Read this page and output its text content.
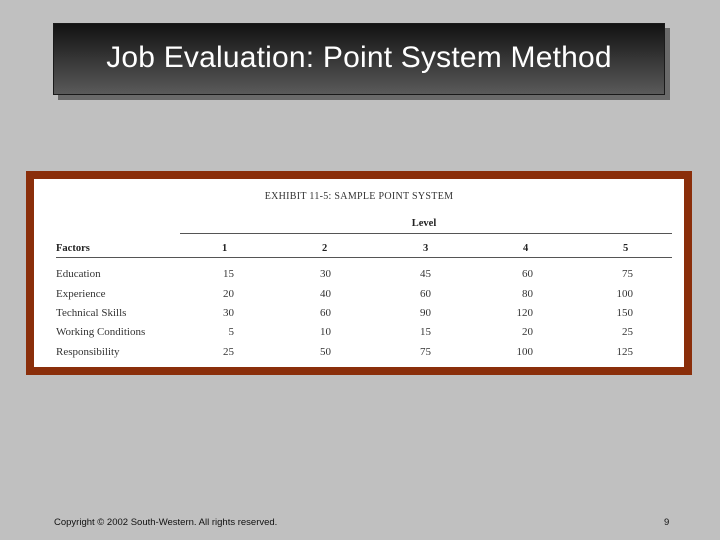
Job Evaluation: Point System Method
EXHIBIT 11-5: SAMPLE POINT SYSTEM
Level
Factors	1	2	3	4	5
Education	15	30	45	60	75
Experience	20	40	60	80	100
Technical Skills	30	60	90	120	150
Working Conditions	5	10	15	20	25
Responsibility	25	50	75	100	125
Copyright © 2002 South-Western. All rights reserved.	9
